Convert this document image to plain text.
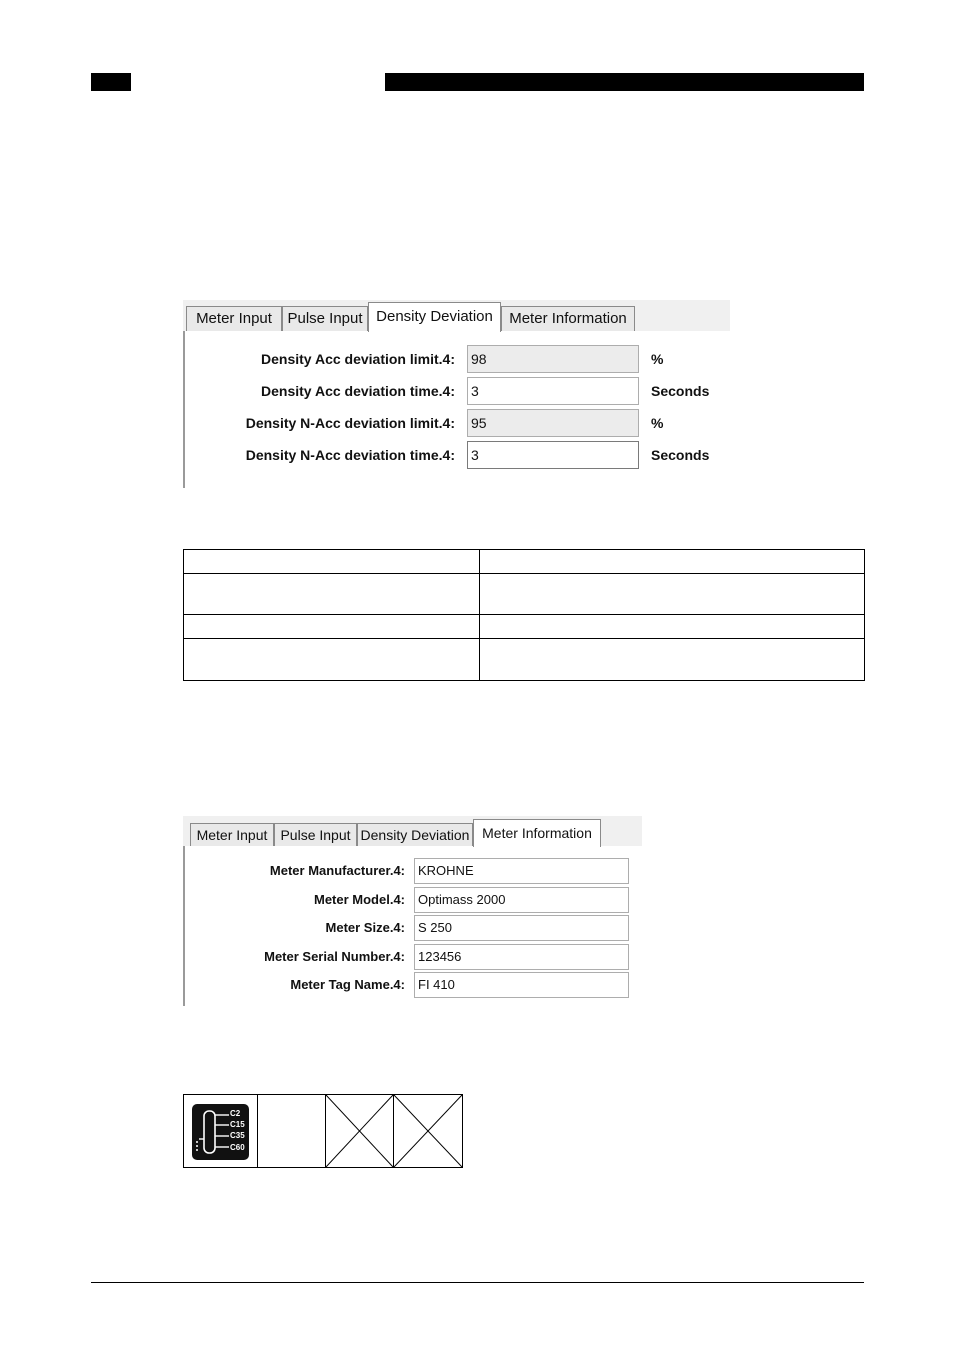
Meter Input	Pulse Input Density Deviation	Meter Information
Density Acc deviation limit.4: 98	%
Density Acc deviation time.4: 3	Seconds
Density N-Acc deviation limit.4: 95	%
Density N-Acc deviation time.4: 3	Seconds

Meter Input Pulse Input Density Deviation Meter Information
Meter Manufacturer.4:	KROHNE
Meter Model.4:	Optimass 2000
Meter Size.4:	S 250
Meter Serial Number.4:	123456
Meter Tag Name.4:	FI 410
C2
C15
C35
C60
